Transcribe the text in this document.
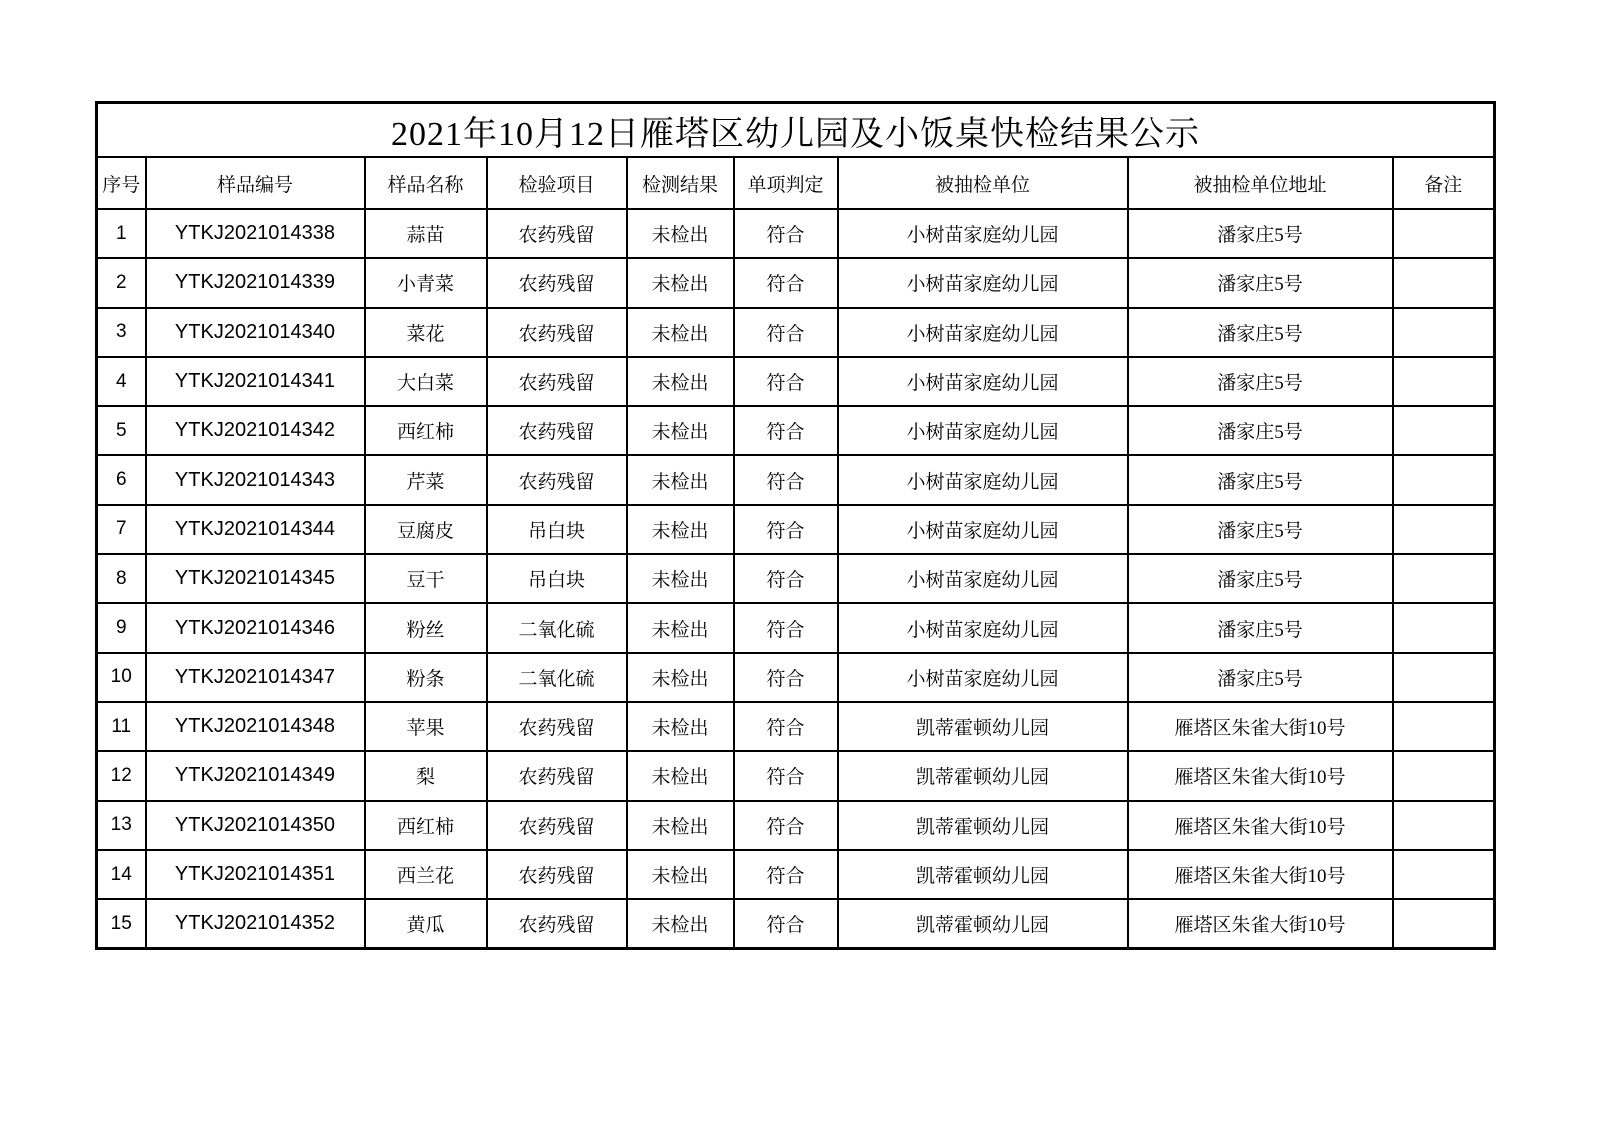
2021年10月12日雁塔区幼儿园及小饭桌快检结果公示								
序号	样品编号	样品名称	检验项目	检测结果	单项判定	被抽检单位	被抽检单位地址	备注
1	YTKJ2021014338	蒜苗	农药残留	未检出	符合	小树苗家庭幼儿园	潘家庄5号	
2	YTKJ2021014339	小青菜	农药残留	未检出	符合	小树苗家庭幼儿园	潘家庄5号	
3	YTKJ2021014340	菜花	农药残留	未检出	符合	小树苗家庭幼儿园	潘家庄5号	
4	YTKJ2021014341	大白菜	农药残留	未检出	符合	小树苗家庭幼儿园	潘家庄5号	
5	YTKJ2021014342	西红柿	农药残留	未检出	符合	小树苗家庭幼儿园	潘家庄5号	
6	YTKJ2021014343	芹菜	农药残留	未检出	符合	小树苗家庭幼儿园	潘家庄5号	
7	YTKJ2021014344	豆腐皮	吊白块	未检出	符合	小树苗家庭幼儿园	潘家庄5号	
8	YTKJ2021014345	豆干	吊白块	未检出	符合	小树苗家庭幼儿园	潘家庄5号	
9	YTKJ2021014346	粉丝	二氧化硫	未检出	符合	小树苗家庭幼儿园	潘家庄5号	
10	YTKJ2021014347	粉条	二氧化硫	未检出	符合	小树苗家庭幼儿园	潘家庄5号	
11	YTKJ2021014348	苹果	农药残留	未检出	符合	凯蒂霍顿幼儿园	雁塔区朱雀大街10号	
12	YTKJ2021014349	梨	农药残留	未检出	符合	凯蒂霍顿幼儿园	雁塔区朱雀大街10号	
13	YTKJ2021014350	西红柿	农药残留	未检出	符合	凯蒂霍顿幼儿园	雁塔区朱雀大街10号	
14	YTKJ2021014351	西兰花	农药残留	未检出	符合	凯蒂霍顿幼儿园	雁塔区朱雀大街10号	
15	YTKJ2021014352	黄瓜	农药残留	未检出	符合	凯蒂霍顿幼儿园	雁塔区朱雀大街10号	
